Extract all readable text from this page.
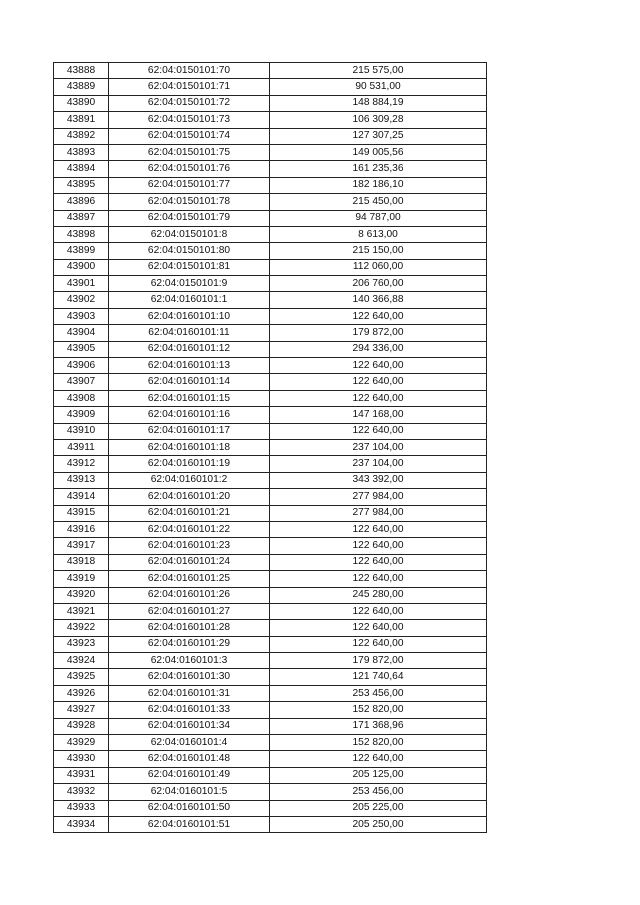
43888	62:04:0150101:70	215 575,00
43889	62:04:0150101:71	90 531,00
43890	62:04:0150101:72	148 884,19
43891	62:04:0150101:73	106 309,28
43892	62:04:0150101:74	127 307,25
43893	62:04:0150101:75	149 005,56
43894	62:04:0150101:76	161 235,36
43895	62:04:0150101:77	182 186,10
43896	62:04:0150101:78	215 450,00
43897	62:04:0150101:79	94 787,00
43898	62:04:0150101:8	8 613,00
43899	62:04:0150101:80	215 150,00
43900	62:04:0150101:81	112 060,00
43901	62:04:0150101:9	206 760,00
43902	62:04:0160101:1	140 366,88
43903	62:04:0160101:10	122 640,00
43904	62:04:0160101:11	179 872,00
43905	62:04:0160101:12	294 336,00
43906	62:04:0160101:13	122 640,00
43907	62:04:0160101:14	122 640,00
43908	62:04:0160101:15	122 640,00
43909	62:04:0160101:16	147 168,00
43910	62:04:0160101:17	122 640,00
43911	62:04:0160101:18	237 104,00
43912	62:04:0160101:19	237 104,00
43913	62:04:0160101:2	343 392,00
43914	62:04:0160101:20	277 984,00
43915	62:04:0160101:21	277 984,00
43916	62:04:0160101:22	122 640,00
43917	62:04:0160101:23	122 640,00
43918	62:04:0160101:24	122 640,00
43919	62:04:0160101:25	122 640,00
43920	62:04:0160101:26	245 280,00
43921	62:04:0160101:27	122 640,00
43922	62:04:0160101:28	122 640,00
43923	62:04:0160101:29	122 640,00
43924	62:04:0160101:3	179 872,00
43925	62:04:0160101:30	121 740,64
43926	62:04:0160101:31	253 456,00
43927	62:04:0160101:33	152 820,00
43928	62:04:0160101:34	171 368,96
43929	62:04:0160101:4	152 820,00
43930	62:04:0160101:48	122 640,00
43931	62:04:0160101:49	205 125,00
43932	62:04:0160101:5	253 456,00
43933	62:04:0160101:50	205 225,00
43934	62:04:0160101:51	205 250,00
